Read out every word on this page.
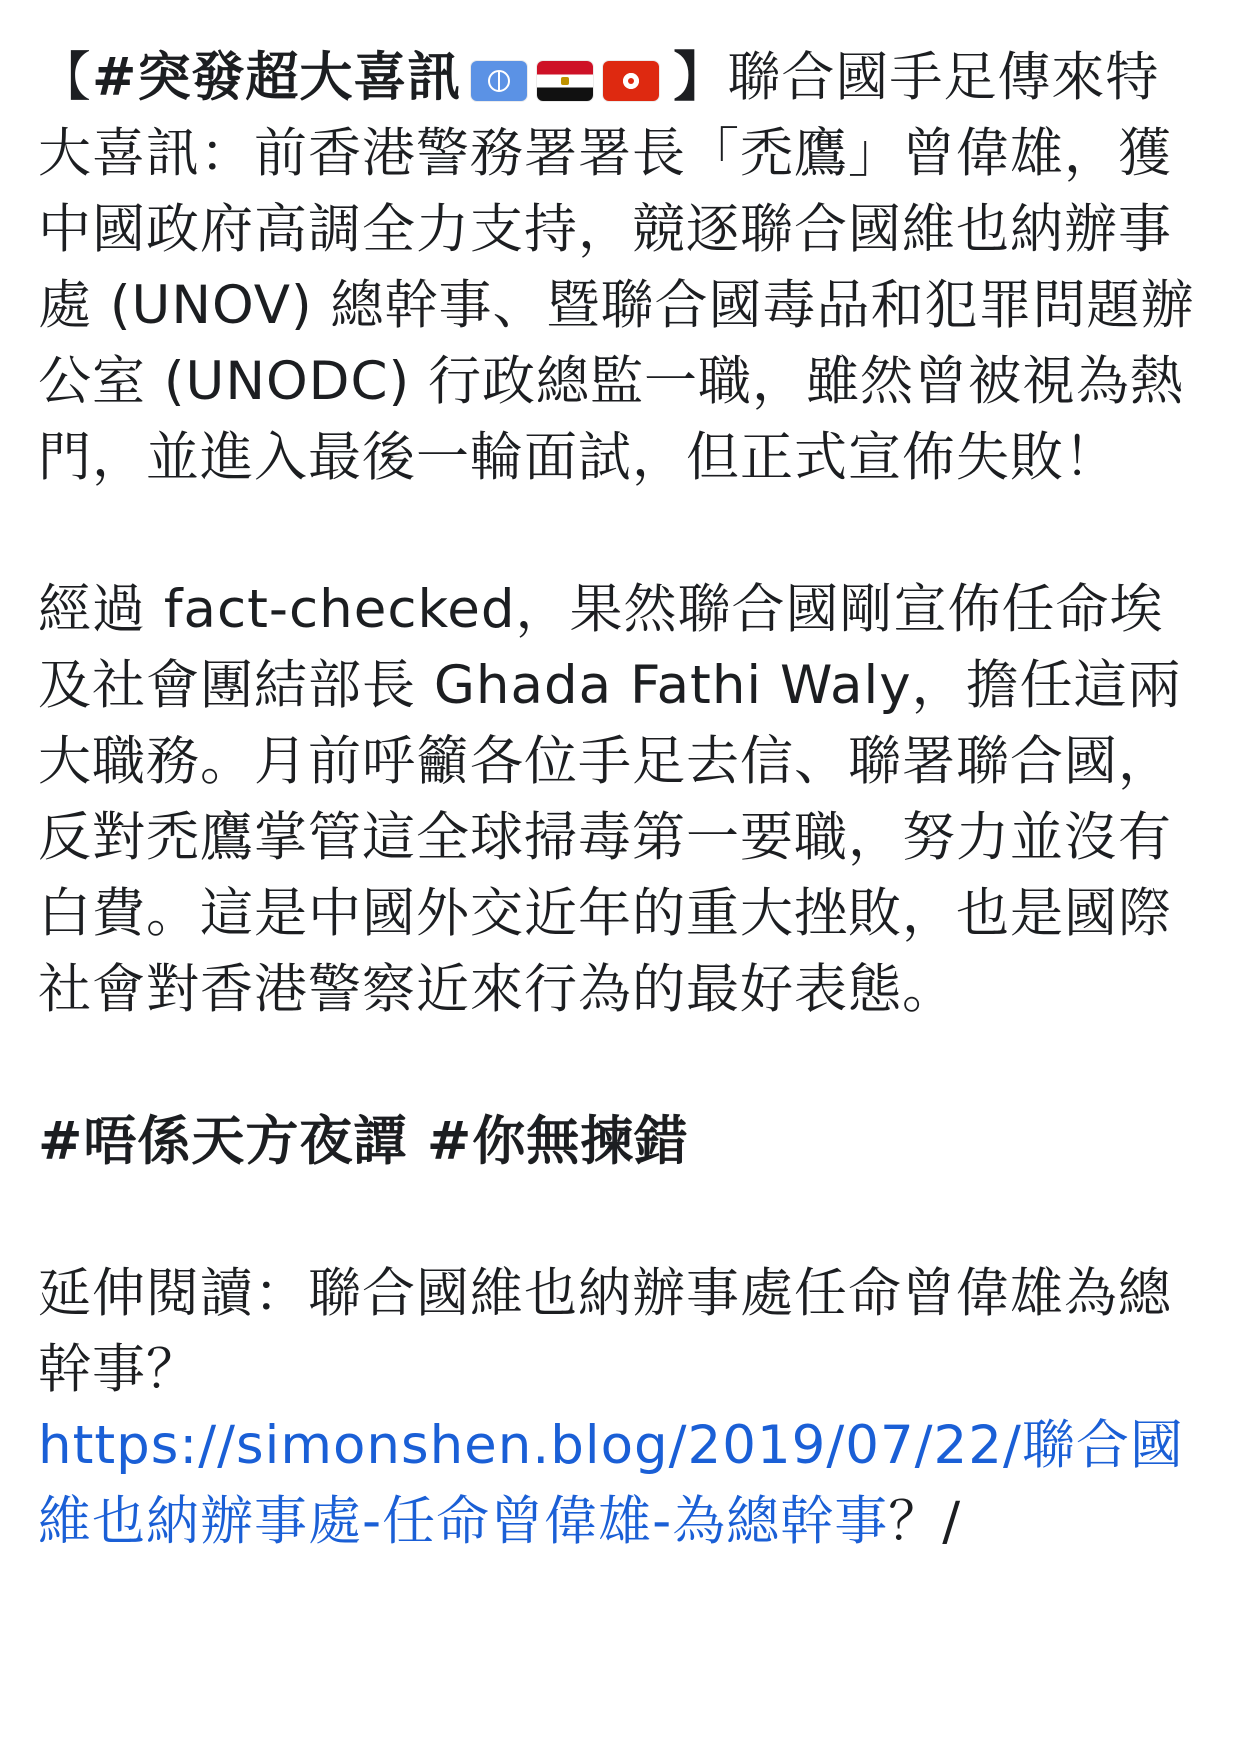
【#突發超大喜訊	】聯合國手足傳來特大喜訊：前香港警務署署長「禿鷹」曾偉雄，獲中國政府高調全力支持，競逐聯合國維也納辦事處 (UNOV) 總幹事、暨聯合國毒品和犯罪問題辦公室 (UNODC) 行政總監一職，雖然曾被視為熱門，並進入最後一輪面試，但正式宣佈失敗！

經過 fact-checked，果然聯合國剛宣佈任命埃及社會團結部長 Ghada Fathi Waly，擔任這兩大職務。月前呼籲各位手足去信、聯署聯合國，反對禿鷹掌管這全球掃毒第一要職，努力並沒有白費。這是中國外交近年的重大挫敗，也是國際社會對香港警察近來行為的最好表態。

#唔係天方夜譚 #你無揀錯

延伸閱讀：聯合國維也納辦事處任命曾偉雄為總幹事？
https://simonshen.blog/2019/07/22/聯合國維也納辦事處-任命曾偉雄-為總幹事？/
